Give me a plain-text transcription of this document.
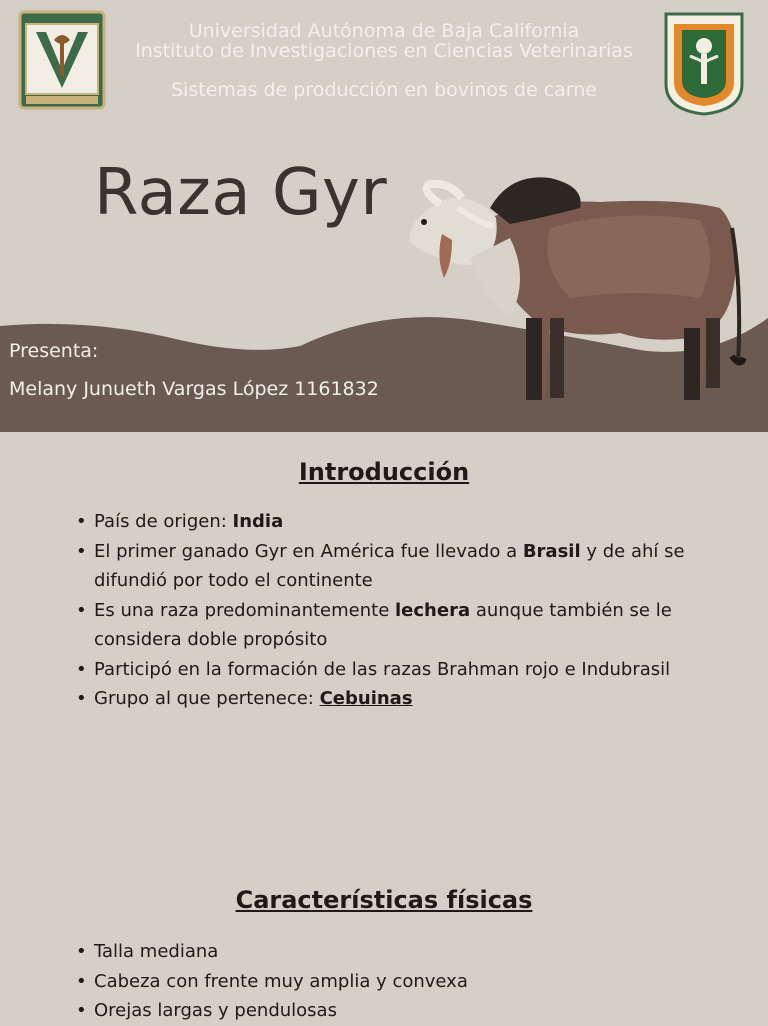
Universidad Autónoma de Baja California
Instituto de Investigaciones en Ciencias Veterinarias
Sistemas de producción en bovinos de carne
Raza Gyr
Presenta:
Melany Junueth Vargas López 1161832
Introducción
• País de origen: India
• El primer ganado Gyr en América fue llevado a Brasil y de ahí se difundió por todo el continente
• Es una raza predominantemente lechera aunque también se le considera doble propósito
• Participó en la formación de las razas Brahman rojo e Indubrasil
• Grupo al que pertenece: Cebuinas
Características físicas
• Talla mediana
• Cabeza con frente muy amplia y convexa
• Orejas largas y pendulosas
